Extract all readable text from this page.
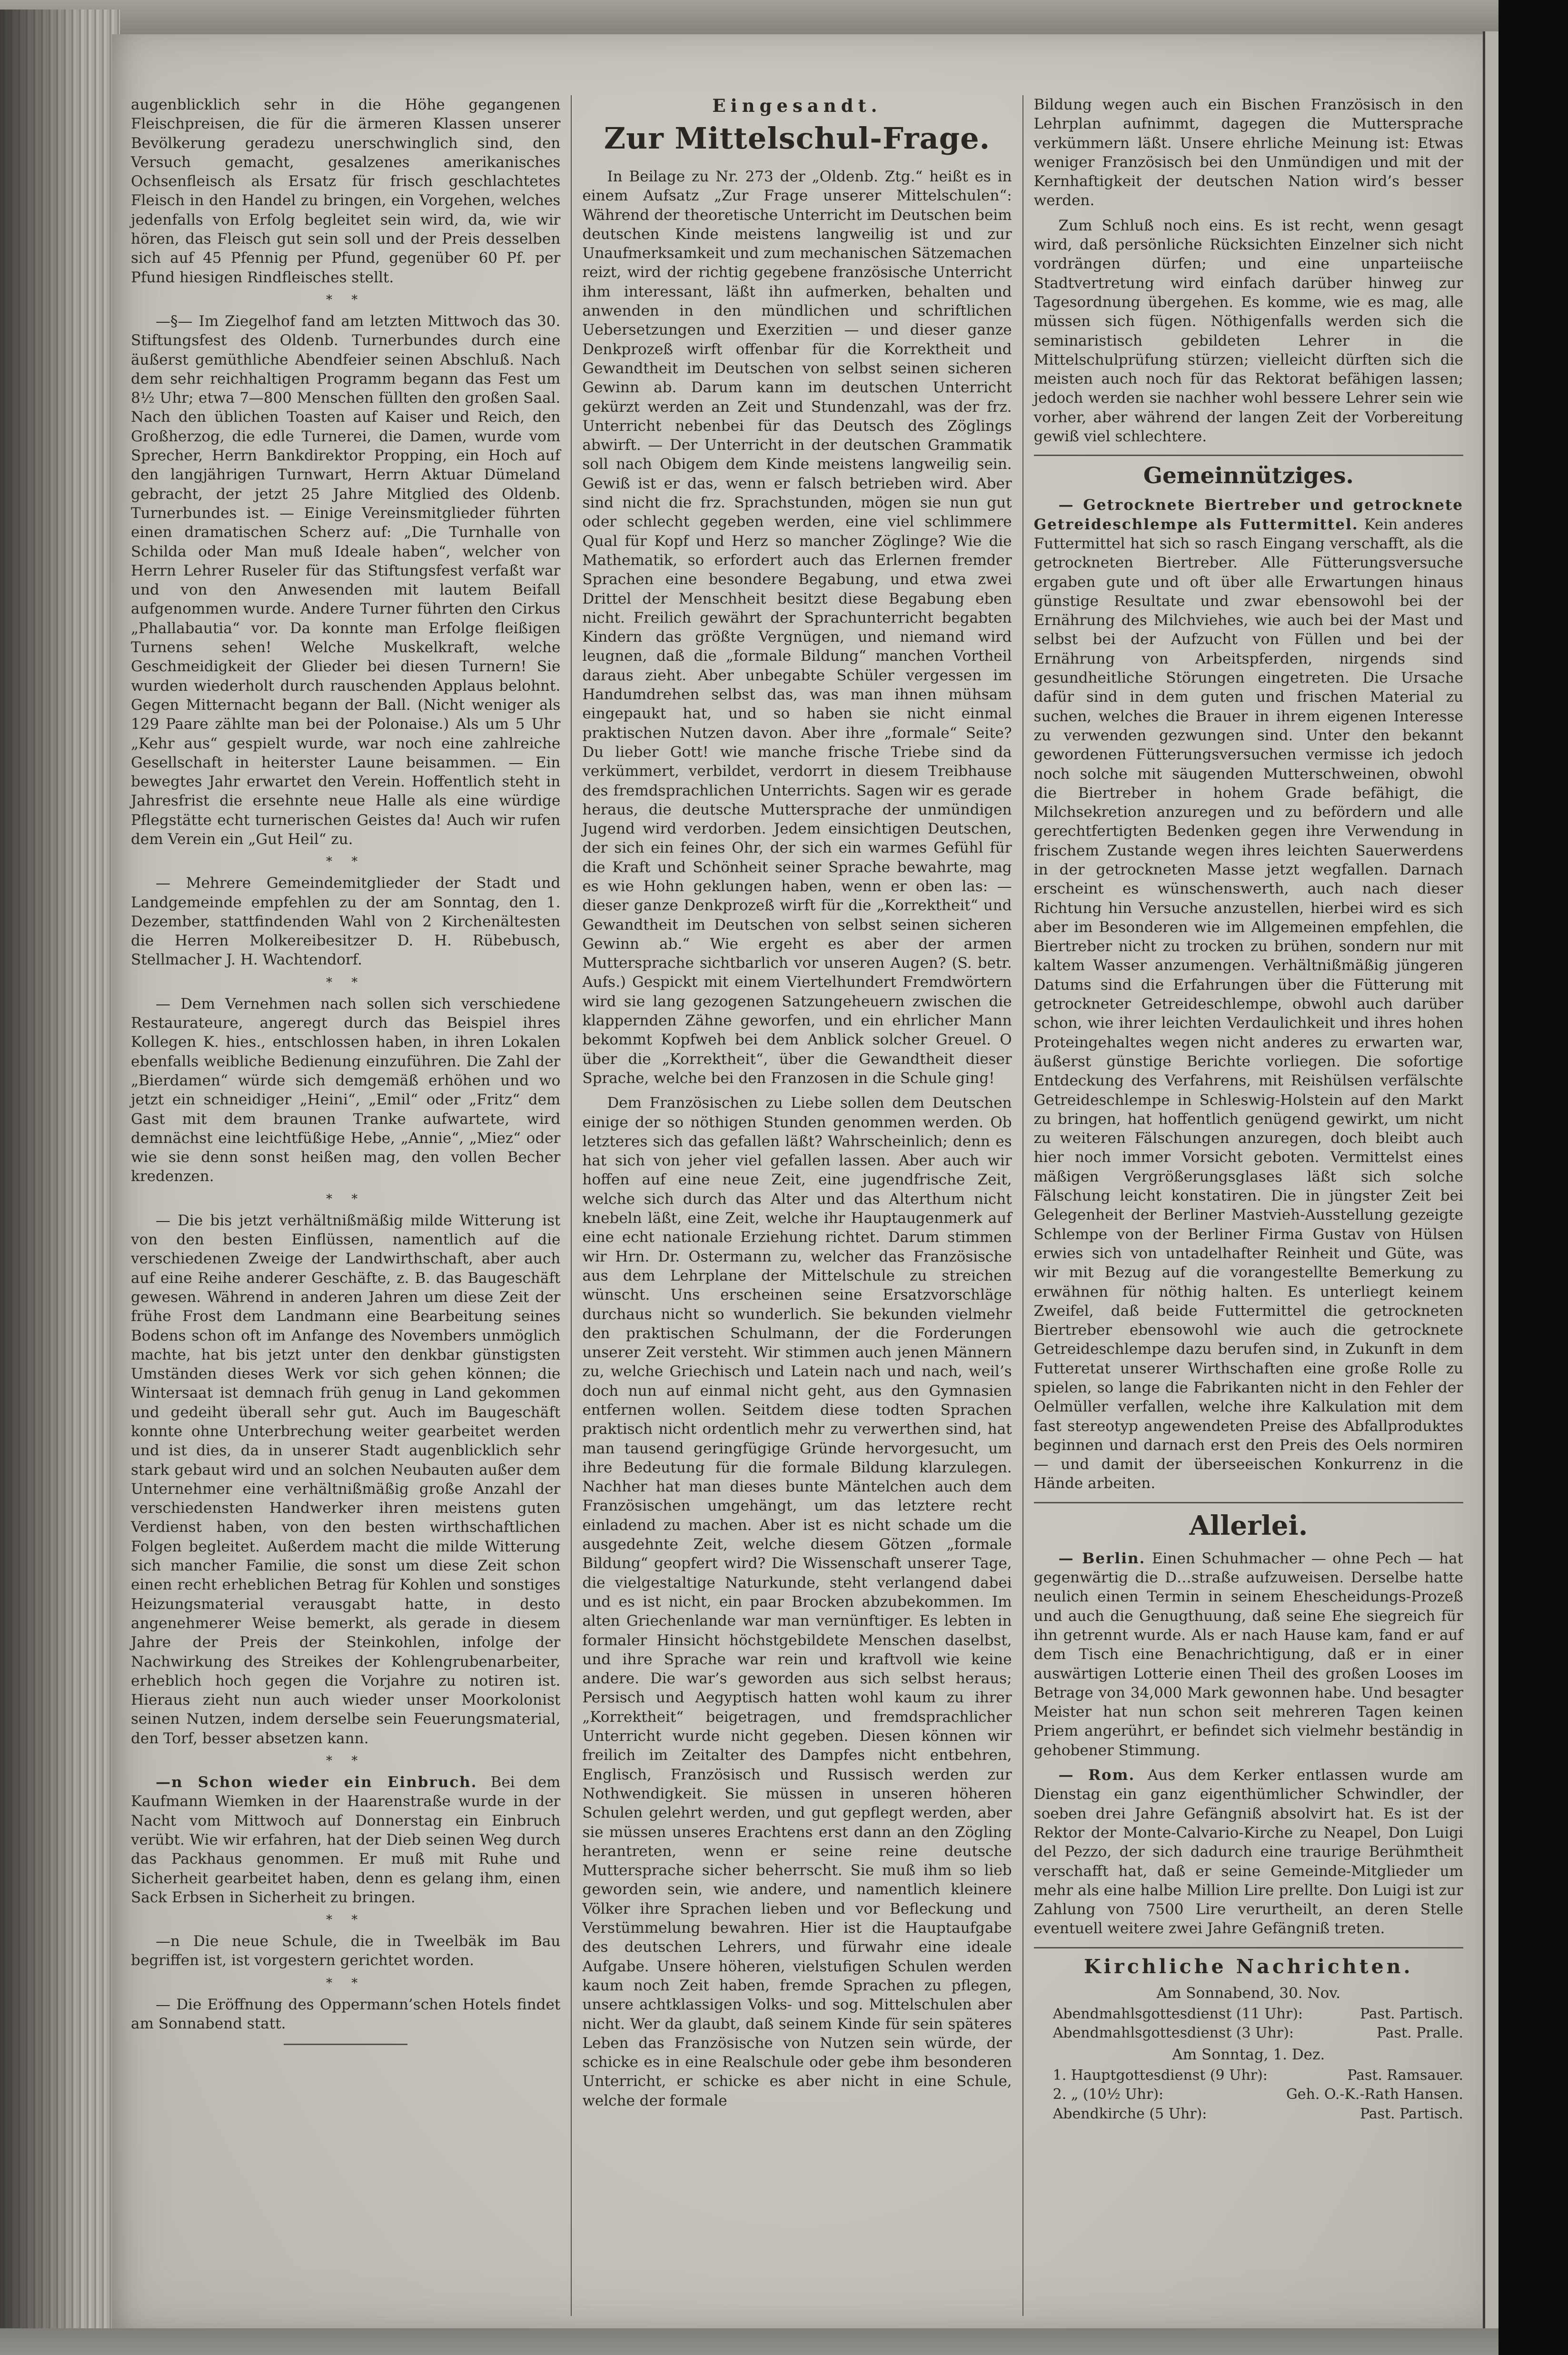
augenblicklich sehr in die Höhe gegangenen Fleischpreisen, die für die ärmeren Klassen unserer Bevölkerung geradezu unerschwinglich sind, den Versuch gemacht, gesalzenes amerikanisches Ochsenfleisch als Ersatz für frisch geschlachtetes Fleisch in den Handel zu bringen, ein Vorgehen, welches jedenfalls von Erfolg begleitet sein wird, da, wie wir hören, das Fleisch gut sein soll und der Preis desselben sich auf 45 Pfennig per Pfund, gegenüber 60 Pf. per Pfund hiesigen Rindfleisches stellt.

* *

—§— Im Ziegelhof fand am letzten Mittwoch das 30. Stiftungsfest des Oldenb. Turnerbundes durch eine äußerst gemüthliche Abendfeier seinen Abschluß. Nach dem sehr reichhaltigen Programm begann das Fest um 8½ Uhr; etwa 7—800 Menschen füllten den großen Saal. Nach den üblichen Toasten auf Kaiser und Reich, den Großherzog, die edle Turnerei, die Damen, wurde vom Sprecher, Herrn Bankdirektor Propping, ein Hoch auf den langjährigen Turnwart, Herrn Aktuar Dümeland gebracht, der jetzt 25 Jahre Mitglied des Oldenb. Turnerbundes ist. — Einige Vereinsmitglieder führten einen dramatischen Scherz auf: „Die Turnhalle von Schilda oder Man muß Ideale haben“, welcher von Herrn Lehrer Ruseler für das Stiftungsfest verfaßt war und von den Anwesenden mit lautem Beifall aufgenommen wurde. Andere Turner führten den Cirkus „Phallabautia“ vor. Da konnte man Erfolge fleißigen Turnens sehen! Welche Muskelkraft, welche Geschmeidigkeit der Glieder bei diesen Turnern! Sie wurden wiederholt durch rauschenden Applaus belohnt. Gegen Mitternacht begann der Ball. (Nicht weniger als 129 Paare zählte man bei der Polonaise.) Als um 5 Uhr „Kehr aus“ gespielt wurde, war noch eine zahlreiche Gesellschaft in heiterster Laune beisammen. — Ein bewegtes Jahr erwartet den Verein. Hoffentlich steht in Jahresfrist die ersehnte neue Halle als eine würdige Pflegstätte echt turnerischen Geistes da! Auch wir rufen dem Verein ein „Gut Heil“ zu.

* *

— Mehrere Gemeindemitglieder der Stadt und Landgemeinde empfehlen zu der am Sonntag, den 1. Dezember, stattfindenden Wahl von 2 Kirchenältesten die Herren Molkereibesitzer D. H. Rübebusch, Stellmacher J. H. Wachtendorf.

* *

— Dem Vernehmen nach sollen sich verschiedene Restaurateure, angeregt durch das Beispiel ihres Kollegen K. hies., entschlossen haben, in ihren Lokalen ebenfalls weibliche Bedienung einzuführen. Die Zahl der „Bierdamen“ würde sich demgemäß erhöhen und wo jetzt ein schneidiger „Heini“, „Emil“ oder „Fritz“ dem Gast mit dem braunen Tranke aufwartete, wird demnächst eine leichtfüßige Hebe, „Annie“, „Miez“ oder wie sie denn sonst heißen mag, den vollen Becher kredenzen.

* *

— Die bis jetzt verhältnißmäßig milde Witterung ist von den besten Einflüssen, namentlich auf die verschiedenen Zweige der Landwirthschaft, aber auch auf eine Reihe anderer Geschäfte, z. B. das Baugeschäft gewesen. Während in anderen Jahren um diese Zeit der frühe Frost dem Landmann eine Bearbeitung seines Bodens schon oft im Anfange des Novembers unmöglich machte, hat bis jetzt unter den denkbar günstigsten Umständen dieses Werk vor sich gehen können; die Wintersaat ist demnach früh genug in Land gekommen und gedeiht überall sehr gut. Auch im Baugeschäft konnte ohne Unterbrechung weiter gearbeitet werden und ist dies, da in unserer Stadt augenblicklich sehr stark gebaut wird und an solchen Neubauten außer dem Unternehmer eine verhältnißmäßig große Anzahl der verschiedensten Handwerker ihren meistens guten Verdienst haben, von den besten wirthschaftlichen Folgen begleitet. Außerdem macht die milde Witterung sich mancher Familie, die sonst um diese Zeit schon einen recht erheblichen Betrag für Kohlen und sonstiges Heizungsmaterial verausgabt hatte, in desto angenehmerer Weise bemerkt, als gerade in diesem Jahre der Preis der Steinkohlen, infolge der Nachwirkung des Streikes der Kohlengrubenarbeiter, erheblich hoch gegen die Vorjahre zu notiren ist. Hieraus zieht nun auch wieder unser Moorkolonist seinen Nutzen, indem derselbe sein Feuerungsmaterial, den Torf, besser absetzen kann.

* *

—n Schon wieder ein Einbruch. Bei dem Kaufmann Wiemken in der Haarenstraße wurde in der Nacht vom Mittwoch auf Donnerstag ein Einbruch verübt. Wie wir erfahren, hat der Dieb seinen Weg durch das Packhaus genommen. Er muß mit Ruhe und Sicherheit gearbeitet haben, denn es gelang ihm, einen Sack Erbsen in Sicherheit zu bringen.

* *

—n Die neue Schule, die in Tweelbäk im Bau begriffen ist, ist vorgestern gerichtet worden.

* *

— Die Eröffnung des Oppermann’schen Hotels findet am Sonnabend statt.

Eingesandt.
Zur Mittelschul-Frage.

In Beilage zu Nr. 273 der „Oldenb. Ztg.“ heißt es in einem Aufsatz „Zur Frage unserer Mittelschulen“: Während der theoretische Unterricht im Deutschen beim deutschen Kinde meistens langweilig ist und zur Unaufmerksamkeit und zum mechanischen Sätzemachen reizt, wird der richtig gegebene französische Unterricht ihm interessant, läßt ihn aufmerken, behalten und anwenden in den mündlichen und schriftlichen Uebersetzungen und Exerzitien — und dieser ganze Denkprozeß wirft offenbar für die Korrektheit und Gewandtheit im Deutschen von selbst seinen sicheren Gewinn ab. Darum kann im deutschen Unterricht gekürzt werden an Zeit und Stundenzahl, was der frz. Unterricht nebenbei für das Deutsch des Zöglings abwirft. — Der Unterricht in der deutschen Grammatik soll nach Obigem dem Kinde meistens langweilig sein. Gewiß ist er das, wenn er falsch betrieben wird. Aber sind nicht die frz. Sprachstunden, mögen sie nun gut oder schlecht gegeben werden, eine viel schlimmere Qual für Kopf und Herz so mancher Zöglinge? Wie die Mathematik, so erfordert auch das Erlernen fremder Sprachen eine besondere Begabung, und etwa zwei Drittel der Menschheit besitzt diese Begabung eben nicht. Freilich gewährt der Sprachunterricht begabten Kindern das größte Vergnügen, und niemand wird leugnen, daß die „formale Bildung“ manchen Vortheil daraus zieht. Aber unbegabte Schüler vergessen im Handumdrehen selbst das, was man ihnen mühsam eingepaukt hat, und so haben sie nicht einmal praktischen Nutzen davon. Aber ihre „formale“ Seite? Du lieber Gott! wie manche frische Triebe sind da verkümmert, verbildet, verdorrt in diesem Treibhause des fremdsprachlichen Unterrichts. Sagen wir es gerade heraus, die deutsche Muttersprache der unmündigen Jugend wird verdorben. Jedem einsichtigen Deutschen, der sich ein feines Ohr, der sich ein warmes Gefühl für die Kraft und Schönheit seiner Sprache bewahrte, mag es wie Hohn geklungen haben, wenn er oben las: — dieser ganze Denkprozeß wirft für die „Korrektheit“ und Gewandtheit im Deutschen von selbst seinen sicheren Gewinn ab.“ Wie ergeht es aber der armen Muttersprache sichtbarlich vor unseren Augen? (S. betr. Aufs.) Gespickt mit einem Viertelhundert Fremdwörtern wird sie lang gezogenen Satzungeheuern zwischen die klappernden Zähne geworfen, und ein ehrlicher Mann bekommt Kopfweh bei dem Anblick solcher Greuel. O über die „Korrektheit“, über die Gewandtheit dieser Sprache, welche bei den Franzosen in die Schule ging!

Dem Französischen zu Liebe sollen dem Deutschen einige der so nöthigen Stunden genommen werden. Ob letzteres sich das gefallen läßt? Wahrscheinlich; denn es hat sich von jeher viel gefallen lassen. Aber auch wir hoffen auf eine neue Zeit, eine jugendfrische Zeit, welche sich durch das Alter und das Alterthum nicht knebeln läßt, eine Zeit, welche ihr Hauptaugenmerk auf eine echt nationale Erziehung richtet. Darum stimmen wir Hrn. Dr. Ostermann zu, welcher das Französische aus dem Lehrplane der Mittelschule zu streichen wünscht. Uns erscheinen seine Ersatzvorschläge durchaus nicht so wunderlich. Sie bekunden vielmehr den praktischen Schulmann, der die Forderungen unserer Zeit versteht. Wir stimmen auch jenen Männern zu, welche Griechisch und Latein nach und nach, weil’s doch nun auf einmal nicht geht, aus den Gymnasien entfernen wollen. Seitdem diese todten Sprachen praktisch nicht ordentlich mehr zu verwerthen sind, hat man tausend geringfügige Gründe hervorgesucht, um ihre Bedeutung für die formale Bildung klarzulegen. Nachher hat man dieses bunte Mäntelchen auch dem Französischen umgehängt, um das letztere recht einladend zu machen. Aber ist es nicht schade um die ausgedehnte Zeit, welche diesem Götzen „formale Bildung“ geopfert wird? Die Wissenschaft unserer Tage, die vielgestaltige Naturkunde, steht verlangend dabei und es ist nicht, ein paar Brocken abzubekommen. Im alten Griechenlande war man vernünftiger. Es lebten in formaler Hinsicht höchstgebildete Menschen daselbst, und ihre Sprache war rein und kraftvoll wie keine andere. Die war’s geworden aus sich selbst heraus; Persisch und Aegyptisch hatten wohl kaum zu ihrer „Korrektheit“ beigetragen, und fremdsprachlicher Unterricht wurde nicht gegeben. Diesen können wir freilich im Zeitalter des Dampfes nicht entbehren, Englisch, Französisch und Russisch werden zur Nothwendigkeit. Sie müssen in unseren höheren Schulen gelehrt werden, und gut gepflegt werden, aber sie müssen unseres Erachtens erst dann an den Zögling herantreten, wenn er seine reine deutsche Muttersprache sicher beherrscht. Sie muß ihm so lieb geworden sein, wie andere, und namentlich kleinere Völker ihre Sprachen lieben und vor Befleckung und Verstümmelung bewahren. Hier ist die Hauptaufgabe des deutschen Lehrers, und fürwahr eine ideale Aufgabe. Unsere höheren, vielstufigen Schulen werden kaum noch Zeit haben, fremde Sprachen zu pflegen, unsere achtklassigen Volks- und sog. Mittelschulen aber nicht. Wer da glaubt, daß seinem Kinde für sein späteres Leben das Französische von Nutzen sein würde, der schicke es in eine Realschule oder gebe ihm besonderen Unterricht, er schicke es aber nicht in eine Schule, welche der formale

Bildung wegen auch ein Bischen Französisch in den Lehrplan aufnimmt, dagegen die Muttersprache verkümmern läßt. Unsere ehrliche Meinung ist: Etwas weniger Französisch bei den Unmündigen und mit der Kernhaftigkeit der deutschen Nation wird’s besser werden.

Zum Schluß noch eins. Es ist recht, wenn gesagt wird, daß persönliche Rücksichten Einzelner sich nicht vordrängen dürfen; und eine unparteiische Stadtvertretung wird einfach darüber hinweg zur Tagesordnung übergehen. Es komme, wie es mag, alle müssen sich fügen. Nöthigenfalls werden sich die seminaristisch gebildeten Lehrer in die Mittelschulprüfung stürzen; vielleicht dürften sich die meisten auch noch für das Rektorat befähigen lassen; jedoch werden sie nachher wohl bessere Lehrer sein wie vorher, aber während der langen Zeit der Vorbereitung gewiß viel schlechtere.

Gemeinnütziges.

— Getrocknete Biertreber und getrocknete Getreideschlempe als Futtermittel. Kein anderes Futtermittel hat sich so rasch Eingang verschafft, als die getrockneten Biertreber. Alle Fütterungsversuche ergaben gute und oft über alle Erwartungen hinaus günstige Resultate und zwar ebensowohl bei der Ernährung des Milchviehes, wie auch bei der Mast und selbst bei der Aufzucht von Füllen und bei der Ernährung von Arbeitspferden, nirgends sind gesundheitliche Störungen eingetreten. Die Ursache dafür sind in dem guten und frischen Material zu suchen, welches die Brauer in ihrem eigenen Interesse zu verwenden gezwungen sind. Unter den bekannt gewordenen Fütterungsversuchen vermisse ich jedoch noch solche mit säugenden Mutterschweinen, obwohl die Biertreber in hohem Grade befähigt, die Milchsekretion anzuregen und zu befördern und alle gerechtfertigten Bedenken gegen ihre Verwendung in frischem Zustande wegen ihres leichten Sauerwerdens in der getrockneten Masse jetzt wegfallen. Darnach erscheint es wünschenswerth, auch nach dieser Richtung hin Versuche anzustellen, hierbei wird es sich aber im Besonderen wie im Allgemeinen empfehlen, die Biertreber nicht zu trocken zu brühen, sondern nur mit kaltem Wasser anzumengen. Verhältnißmäßig jüngeren Datums sind die Erfahrungen über die Fütterung mit getrockneter Getreideschlempe, obwohl auch darüber schon, wie ihrer leichten Verdaulichkeit und ihres hohen Proteingehaltes wegen nicht anderes zu erwarten war, äußerst günstige Berichte vorliegen. Die sofortige Entdeckung des Verfahrens, mit Reishülsen verfälschte Getreideschlempe in Schleswig-Holstein auf den Markt zu bringen, hat hoffentlich genügend gewirkt, um nicht zu weiteren Fälschungen anzuregen, doch bleibt auch hier noch immer Vorsicht geboten. Vermittelst eines mäßigen Vergrößerungsglases läßt sich solche Fälschung leicht konstatiren. Die in jüngster Zeit bei Gelegenheit der Berliner Mastvieh-Ausstellung gezeigte Schlempe von der Berliner Firma Gustav von Hülsen erwies sich von untadelhafter Reinheit und Güte, was wir mit Bezug auf die vorangestellte Bemerkung zu erwähnen für nöthig halten. Es unterliegt keinem Zweifel, daß beide Futtermittel die getrockneten Biertreber ebensowohl wie auch die getrocknete Getreideschlempe dazu berufen sind, in Zukunft in dem Futteretat unserer Wirthschaften eine große Rolle zu spielen, so lange die Fabrikanten nicht in den Fehler der Oelmüller verfallen, welche ihre Kalkulation mit dem fast stereotyp angewendeten Preise des Abfallproduktes beginnen und darnach erst den Preis des Oels normiren — und damit der überseeischen Konkurrenz in die Hände arbeiten.

Allerlei.

— Berlin. Einen Schuhmacher — ohne Pech — hat gegenwärtig die D…straße aufzuweisen. Derselbe hatte neulich einen Termin in seinem Ehescheidungs-Prozeß und auch die Genugthuung, daß seine Ehe siegreich für ihn getrennt wurde. Als er nach Hause kam, fand er auf dem Tisch eine Benachrichtigung, daß er in einer auswärtigen Lotterie einen Theil des großen Looses im Betrage von 34,000 Mark gewonnen habe. Und besagter Meister hat nun schon seit mehreren Tagen keinen Priem angerührt, er befindet sich vielmehr beständig in gehobener Stimmung.

— Rom. Aus dem Kerker entlassen wurde am Dienstag ein ganz eigenthümlicher Schwindler, der soeben drei Jahre Gefängniß absolvirt hat. Es ist der Rektor der Monte-Calvario-Kirche zu Neapel, Don Luigi del Pezzo, der sich dadurch eine traurige Berühmtheit verschafft hat, daß er seine Gemeinde-Mitglieder um mehr als eine halbe Million Lire prellte. Don Luigi ist zur Zahlung von 7500 Lire verurtheilt, an deren Stelle eventuell weitere zwei Jahre Gefängniß treten.

Kirchliche Nachrichten.
Am Sonnabend, 30. Nov.
Abendmahlsgottesdienst (11 Uhr):	Past. Partisch.
Abendmahlsgottesdienst (3 Uhr):	Past. Pralle.
Am Sonntag, 1. Dez.
1. Hauptgottesdienst (9 Uhr):	Past. Ramsauer.
2. „ (10½ Uhr):	Geh. O.-K.-Rath Hansen.
Abendkirche (5 Uhr):	Past. Partisch.
